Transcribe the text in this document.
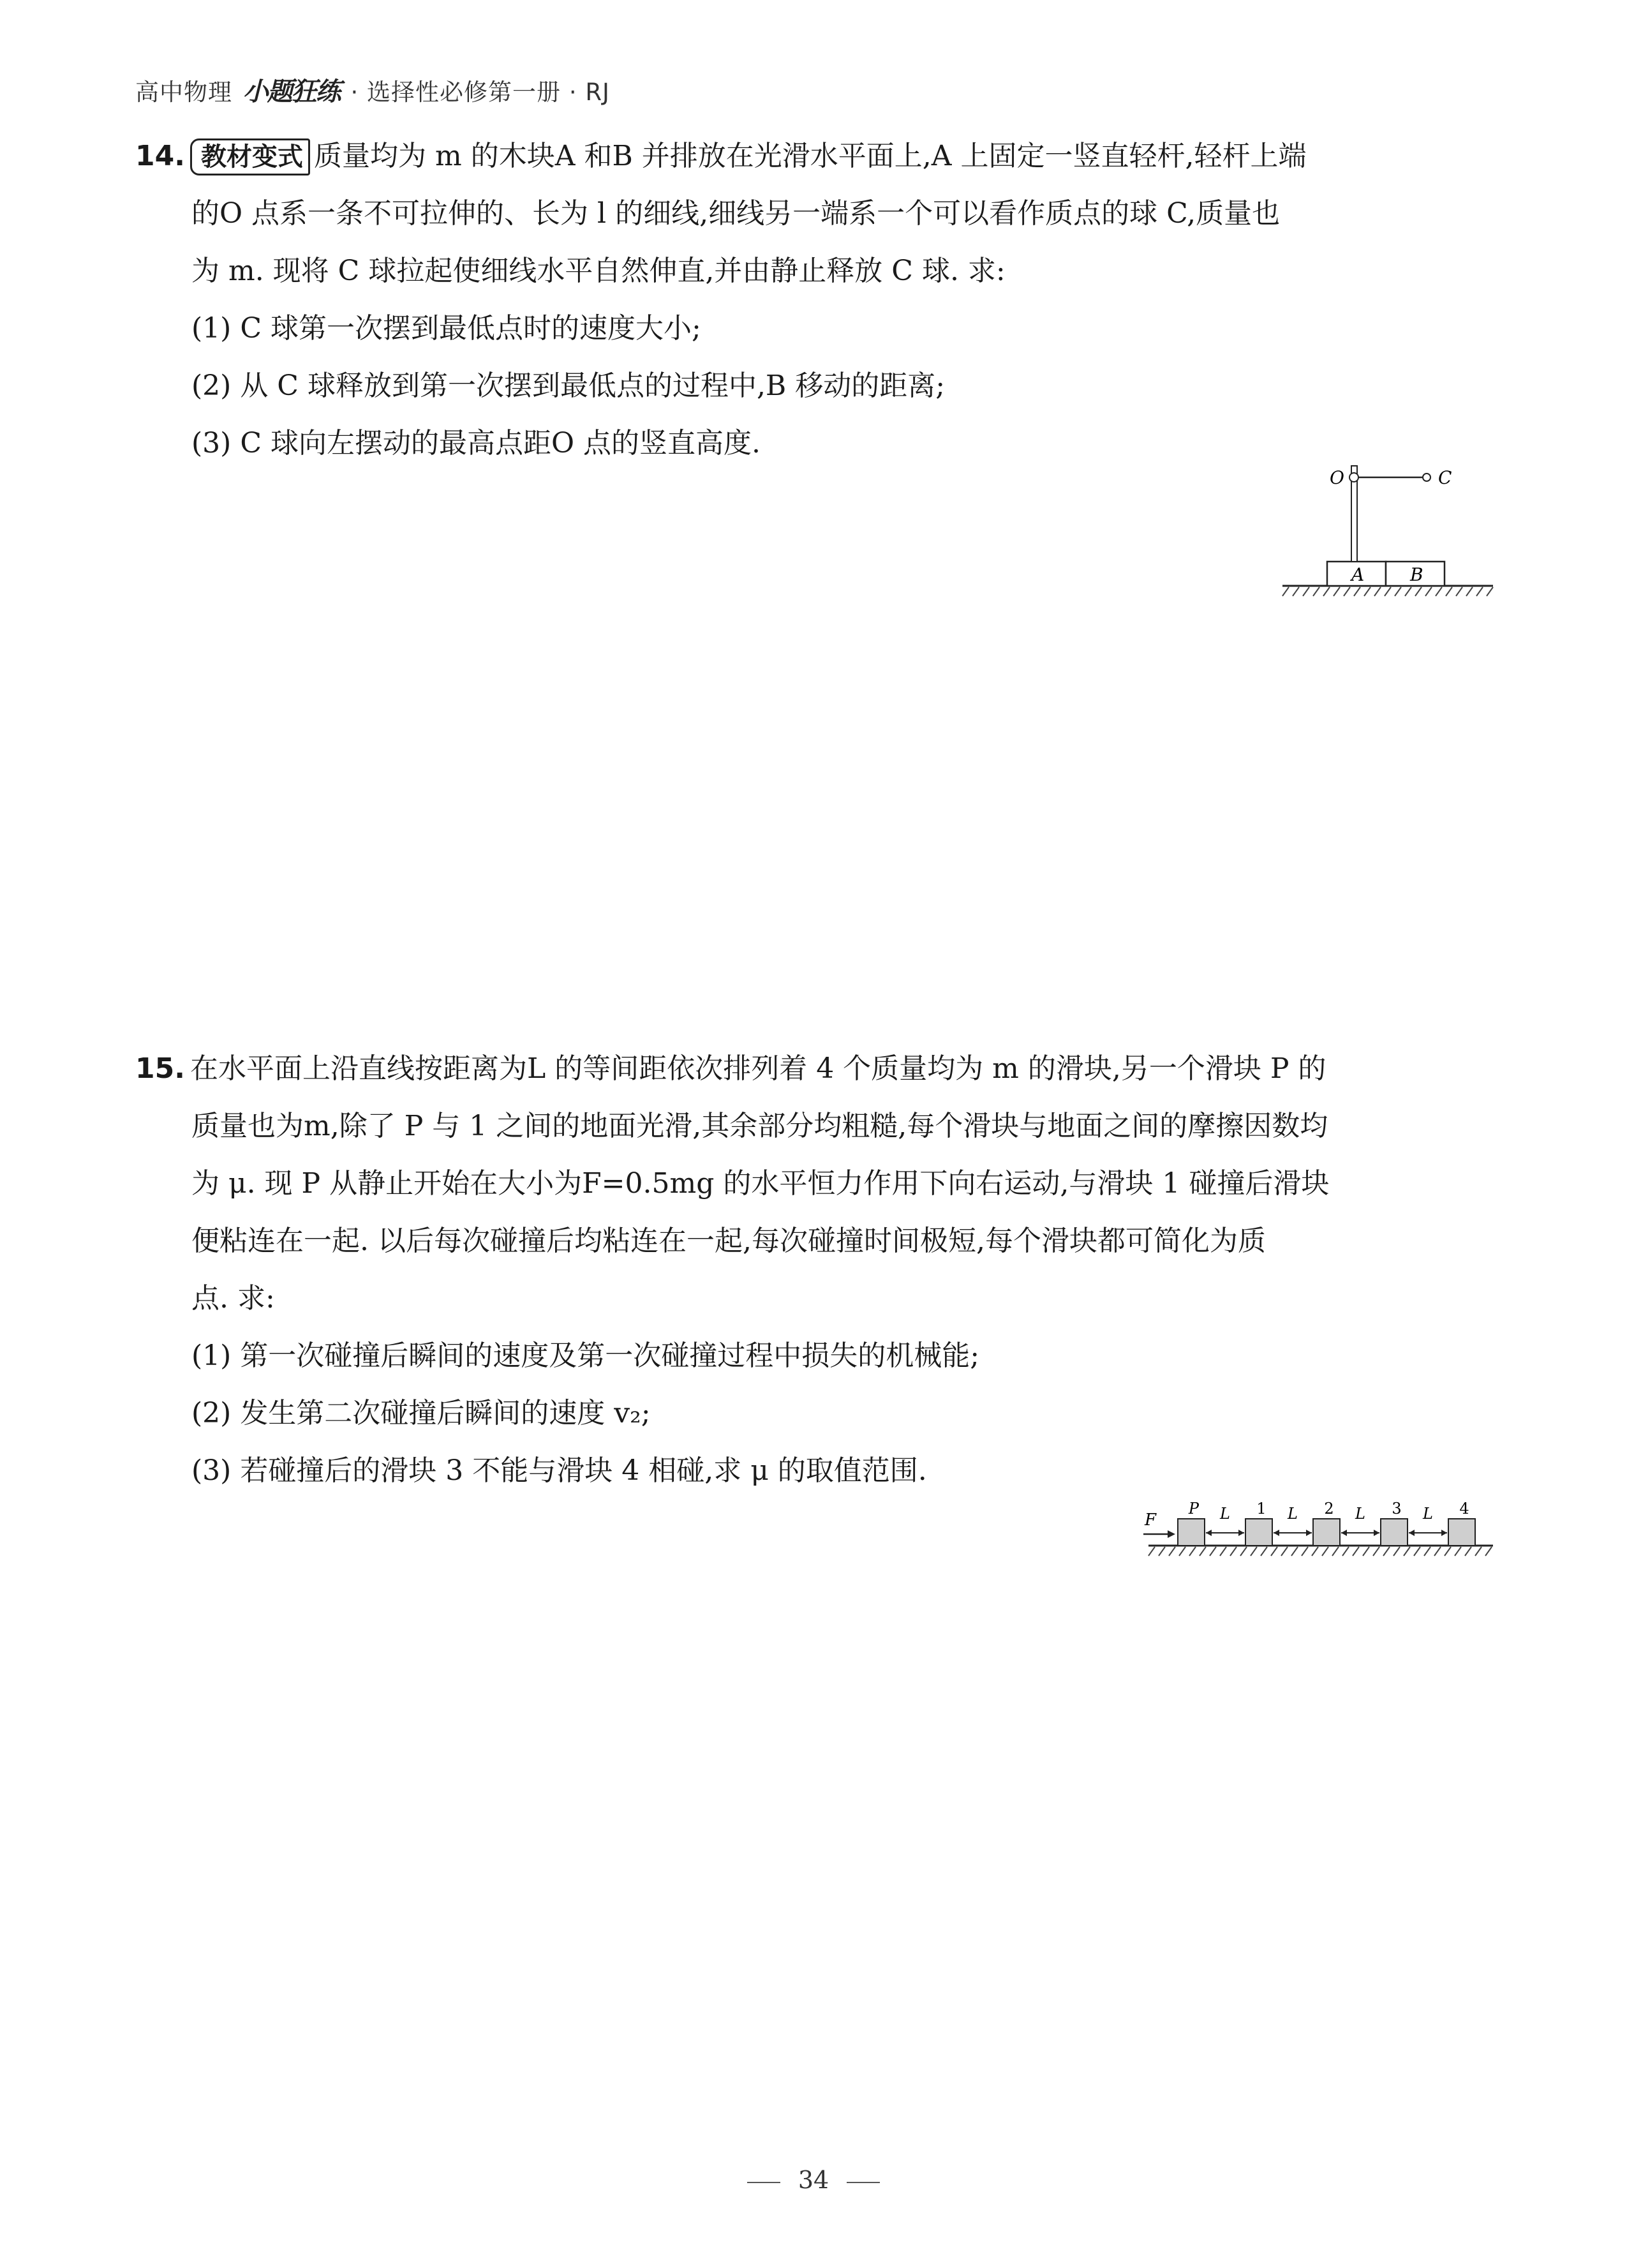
高中物理 小题狂练 · 选择性必修第一册 · RJ
14. 教材变式 质量均为 m 的木块A 和B 并排放在光滑水平面上,A 上固定一竖直轻杆,轻杆上端
的O 点系一条不可拉伸的、长为 l 的细线,细线另一端系一个可以看作质点的球 C,质量也
为 m. 现将 C 球拉起使细线水平自然伸直,并由静止释放 C 球. 求:
(1) C 球第一次摆到最低点时的速度大小;
(2) 从 C 球释放到第一次摆到最低点的过程中,B 移动的距离;
(3) C 球向左摆动的最高点距O 点的竖直高度.
A	B
O	C
15. 在水平面上沿直线按距离为L 的等间距依次排列着 4 个质量均为 m 的滑块,另一个滑块 P 的
质量也为m,除了 P 与 1 之间的地面光滑,其余部分均粗糙,每个滑块与地面之间的摩擦因数均
为 μ. 现 P 从静止开始在大小为F=0.5mg 的水平恒力作用下向右运动,与滑块 1 碰撞后滑块
便粘连在一起. 以后每次碰撞后均粘连在一起,每次碰撞时间极短,每个滑块都可简化为质
点. 求:
(1) 第一次碰撞后瞬间的速度及第一次碰撞过程中损失的机械能;
(2) 发生第二次碰撞后瞬间的速度 v₂;
(3) 若碰撞后的滑块 3 不能与滑块 4 相碰,求 μ 的取值范围.
F
P L 1 L 2 L 3 L 4
34
